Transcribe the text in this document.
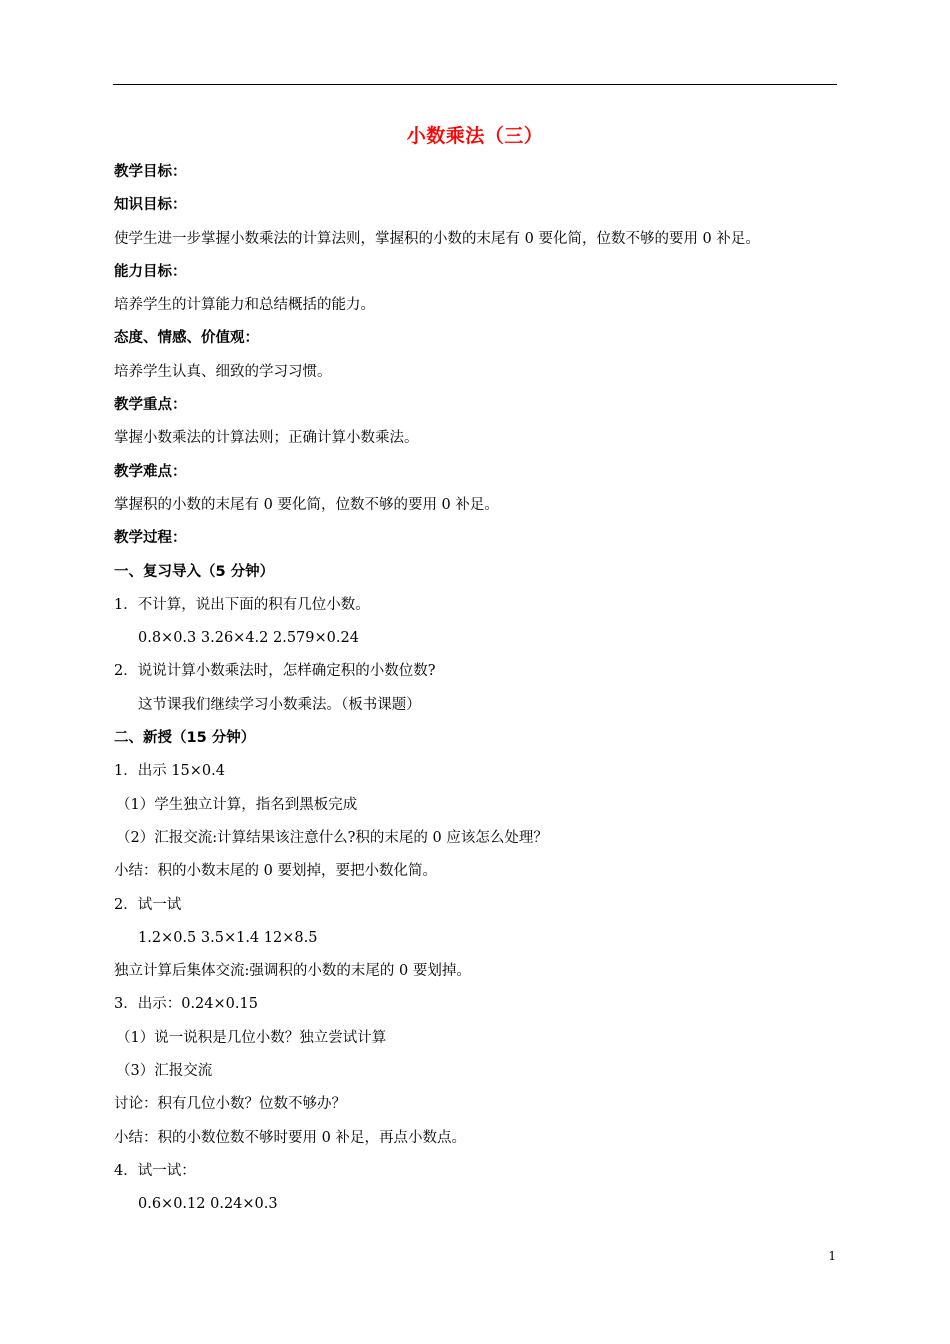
小数乘法（三）
教学目标：
知识目标：
使学生进一步掌握小数乘法的计算法则，掌握积的小数的末尾有 0 要化简，位数不够的要用 0 补足。
能力目标：
培养学生的计算能力和总结概括的能力。
态度、情感、价值观：
培养学生认真、细致的学习习惯。
教学重点：
掌握小数乘法的计算法则；正确计算小数乘法。
教学难点：
掌握积的小数的末尾有 0 要化简，位数不够的要用 0 补足。
教学过程：
一、复习导入（5 分钟）
1．不计算，说出下面的积有几位小数。
0.8×0.3 3.26×4.2 2.579×0.24
2．说说计算小数乘法时，怎样确定积的小数位数?
这节课我们继续学习小数乘法。（板书课题）
二、新授（15 分钟）
1．出示 15×0.4
（1）学生独立计算，指名到黑板完成
（2）汇报交流:计算结果该注意什么?积的末尾的 0 应该怎么处理？
小结：积的小数末尾的 0 要划掉，要把小数化简。
2．试一试
1.2×0.5 3.5×1.4 12×8.5
独立计算后集体交流:强调积的小数的末尾的 0 要划掉。
3．出示：0.24×0.15
（1）说一说积是几位小数？独立尝试计算
（3）汇报交流
讨论：积有几位小数？位数不够办？
小结：积的小数位数不够时要用 0 补足，再点小数点。
4．试一试：
0.6×0.12 0.24×0.3
1
